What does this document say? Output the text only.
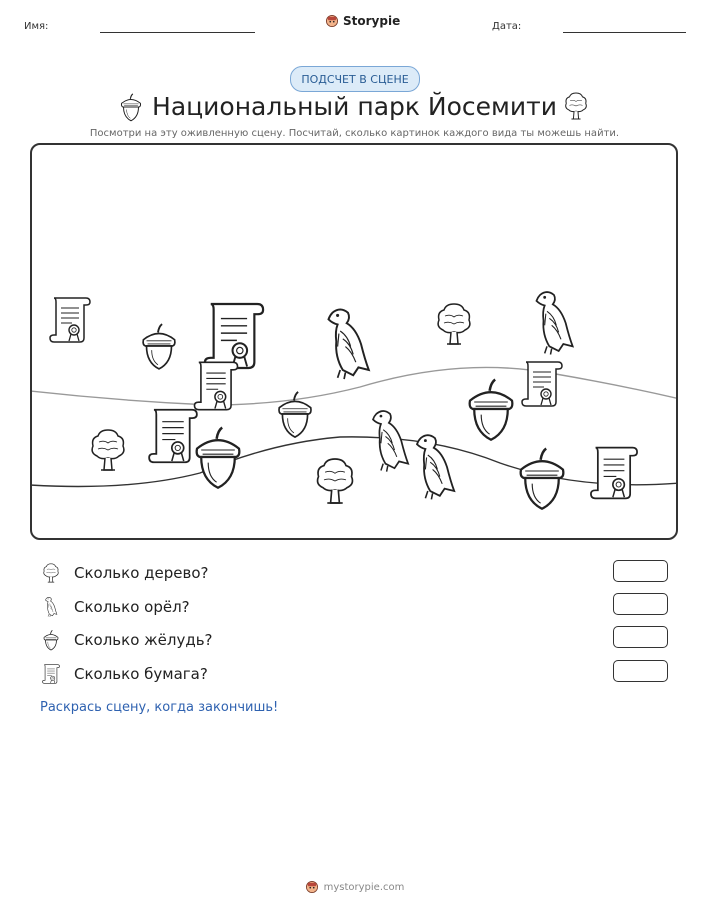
Имя:	Storypie	Дата:
ПОДСЧЕТ В СЦЕНЕ
Национальный парк Йосемити
Посмотри на эту оживленную сцену. Посчитай, сколько картинок каждого вида ты можешь найти.
Сколько дерево?
Сколько орёл?
Сколько жёлудь?
Сколько бумага?
Раскрась сцену, когда закончишь!
mystorypie.com
